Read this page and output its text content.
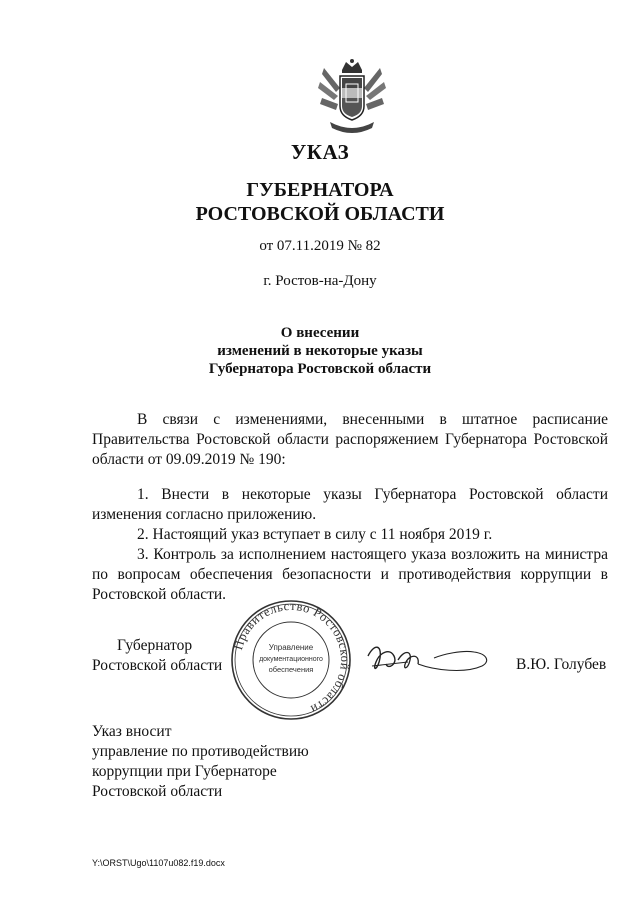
УКАЗ
ГУБЕРНАТОРА
РОСТОВСКОЙ ОБЛАСТИ
от 07.11.2019 № 82
г. Ростов-на-Дону
О внесении
изменений в некоторые указы
Губернатора Ростовской области

В связи с изменениями, внесенными в штатное расписание Правительства Ростовской области распоряжением Губернатора Ростовской области от 09.09.2019 № 190:

1. Внести в некоторые указы Губернатора Ростовской области изменения согласно приложению.

2. Настоящий указ вступает в силу с 11 ноября 2019 г.

3. Контроль за исполнением настоящего указа возложить на министра по вопросам обеспечения безопасности и противодействия коррупции в Ростовской области.

Губернатор
Ростовской области
Правительство Ростовской области
Управление
документационного
обеспечения	В.Ю. Голубев
Указ вносит
управление по противодействию
коррупции при Губернаторе
Ростовской области
Y:\ORST\Ugo\1107u082.f19.docx
